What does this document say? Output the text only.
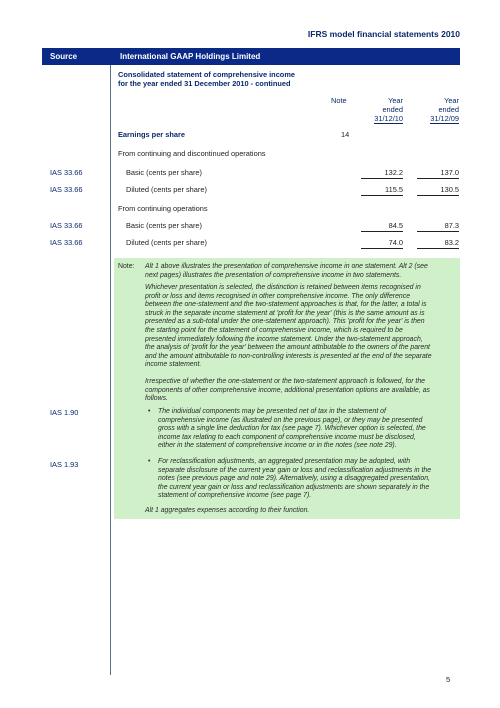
IFRS model financial statements 2010
Source	International GAAP Holdings Limited
Consolidated statement of comprehensive income
for the year ended 31 December 2010 - continued
Note	Year
ended
31/12/10
Year
ended
31/12/09
Earnings per share	14
From continuing and discontinued operations
IAS 33.66	Basic (cents per share)	132.2	137.0
IAS 33.66	Diluted (cents per share)	115.5	130.5
From continuing operations
IAS 33.66	Basic (cents per share)	84.5	87.3
IAS 33.66	Diluted (cents per share)	74.0	83.2
Note: Alt 1 above illustrates the presentation of comprehensive income in one statement. Alt 2 (see
next pages) illustrates the presentation of comprehensive income in two statements.
Whichever presentation is selected, the distinction is retained between items recognised in
profit or loss and items recognised in other comprehensive income. The only difference
between the one-statement and the two-statement approaches is that, for the latter, a total is
struck in the separate income statement at 'profit for the year' (this is the same amount as is
presented as a sub-total under the one-statement approach). This 'profit for the year' is then
the starting point for the statement of comprehensive income, which is required to be
presented immediately following the income statement. Under the two-statement approach,
the analysis of 'profit for the year' between the amount attributable to the owners of the parent
and the amount attributable to non-controlling interests is presented at the end of the separate
income statement.
Irrespective of whether the one-statement or the two-statement approach is followed, for the
components of other comprehensive income, additional presentation options are available, as
follows.
IAS 1.90	• The individual components may be presented net of tax in the statement of
comprehensive income (as illustrated on the previous page), or they may be presented
gross with a single line deduction for tax (see page 7). Whichever option is selected, the
income tax relating to each component of comprehensive income must be disclosed,
either in the statement of comprehensive income or in the notes (see note 29).
IAS 1.93	• For reclassification adjustments, an aggregated presentation may be adopted, with
separate disclosure of the current year gain or loss and reclassification adjustments in the
notes (see previous page and note 29). Alternatively, using a disaggregated presentation,
the current year gain or loss and reclassification adjustments are shown separately in the
statement of comprehensive income (see page 7).
Alt 1 aggregates expenses according to their function.
5
